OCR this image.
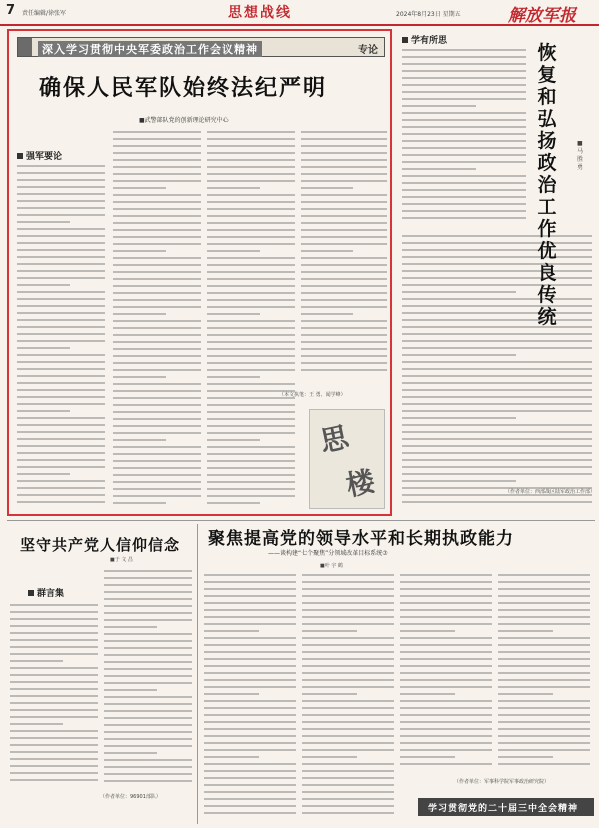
7 责任编辑/徐张军	思想战线	2024年8月23日 星期五	解放军报
深入学习贯彻中央军委政治工作会议精神	专论
确保人民军队始终法纪严明
■武警部队党的创新理论研究中心
强军要论
（本文执笔：王 勇、闻学峰）
思
楼
学有所思
恢复和弘扬政治工作优良传统
■ 马 胜 勇
（作者单位：西部战区陆军政治工作部）
坚守共产党人信仰信念
■于 文 昌
群言集
（作者单位：96901部队）
聚焦提高党的领导水平和长期执政能力
——谈构建“七个聚焦”分领域改革目标系统⑦
■叶 宇 鹤
（作者单位：军事科学院军事政治研究院）
学习贯彻党的二十届三中全会精神
